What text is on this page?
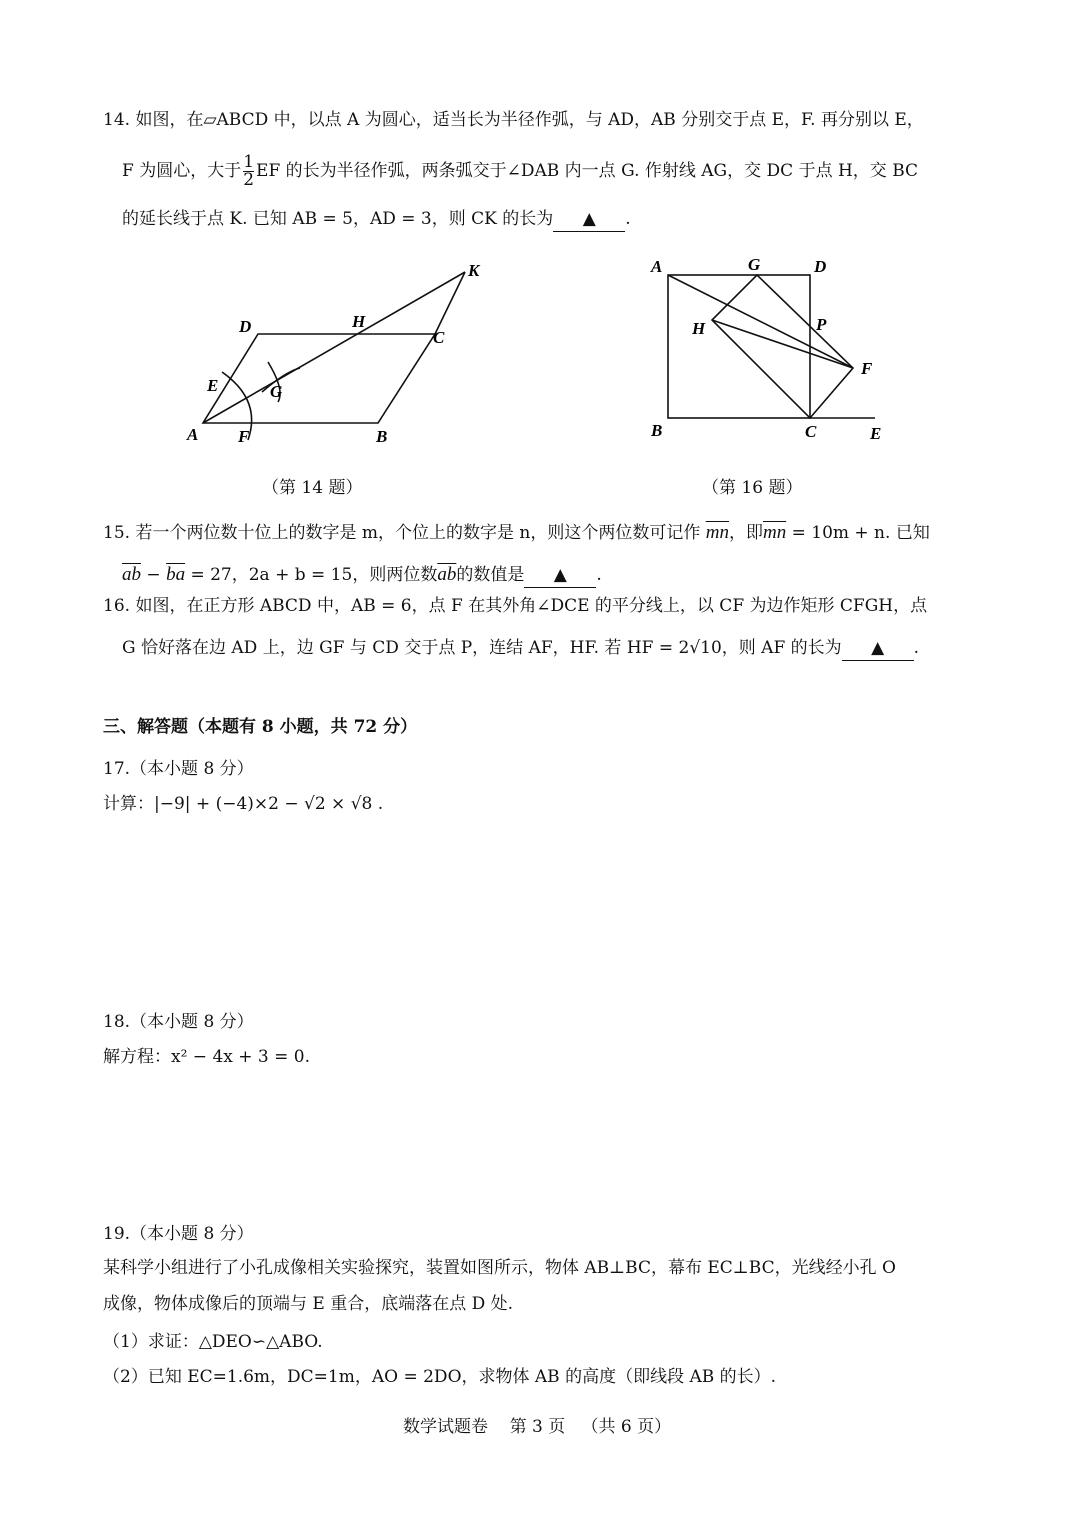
14. 如图，在▱ABCD 中，以点 A 为圆心，适当长为半径作弧，与 AD，AB 分别交于点 E，F. 再分别以 E，
F 为圆心，大于 $\frac{1}{2}$ EF 的长为半径作弧，两条弧交于∠DAB 内一点 G. 作射线 AG，交 DC 于点 H，交 BC
的延长线于点 K. 已知 AB = 5，AD = 3，则 CK 的长为 ▲ .
A	B
C
D
E
F
G
H
K	A
B	C
D
E
F
G
H	P
（第 14 题）	（第 16 题）
15. 若一个两位数十位上的数字是 m，个位上的数字是 n，则这个两位数可记作 $\overline{mn}$，即$\overline{mn} = 10m + n$. 已知
$\overline{ab} - \overline{ba} = 27$，2a + b = 15，则两位数$\overline{ab}$的数值是 ▲ .
16. 如图，在正方形 ABCD 中，AB = 6，点 F 在其外角∠DCE 的平分线上，以 CF 为边作矩形 CFGH，点
G 恰好落在边 AD 上，边 GF 与 CD 交于点 P，连结 AF，HF. 若 HF = 2√10，则 AF 的长为 ▲ .
三、解答题（本题有 8 小题，共 72 分）
17.（本小题 8 分）
计算：|−9| + (−4)×2 − √2 × √8 .
18.（本小题 8 分）
解方程：x² − 4x + 3 = 0.
19.（本小题 8 分）
某科学小组进行了小孔成像相关实验探究，装置如图所示，物体 AB⊥BC，幕布 EC⊥BC，光线经小孔 O
成像，物体成像后的顶端与 E 重合，底端落在点 D 处.
（1）求证：△DEO∽△ABO.
（2）已知 EC=1.6m，DC=1m，AO = 2DO，求物体 AB 的高度（即线段 AB 的长）.
数学试题卷    第 3 页   （共 6 页）
